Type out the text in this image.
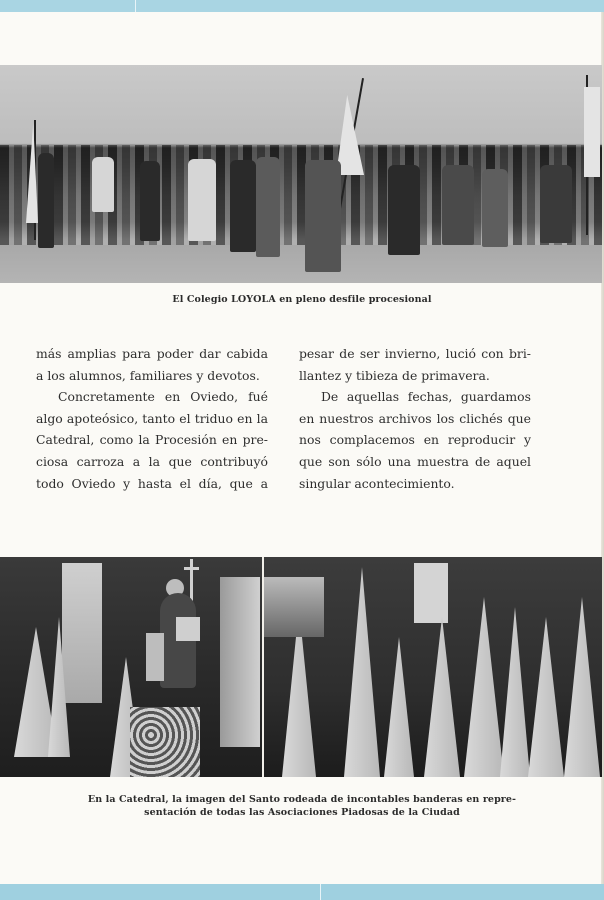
El Colegio LOYOLA en pleno desfile procesional
más amplias para poder dar cabida
a los alumnos, familiares y devotos.
Concretamente en Oviedo, fué
algo apoteósico, tanto el triduo en la
Catedral, como la Procesión en pre-
ciosa carroza a la que contribuyó
todo Oviedo y hasta el día, que a
pesar de ser invierno, lució con bri-
llantez y tibieza de primavera.
De aquellas fechas, guardamos
en nuestros archivos los clichés que
nos complacemos en reproducir y
que son sólo una muestra de aquel
singular acontecimiento.
En la Catedral, la imagen del Santo rodeada de incontables banderas en repre-
sentación de todas las Asociaciones Piadosas de la Ciudad
